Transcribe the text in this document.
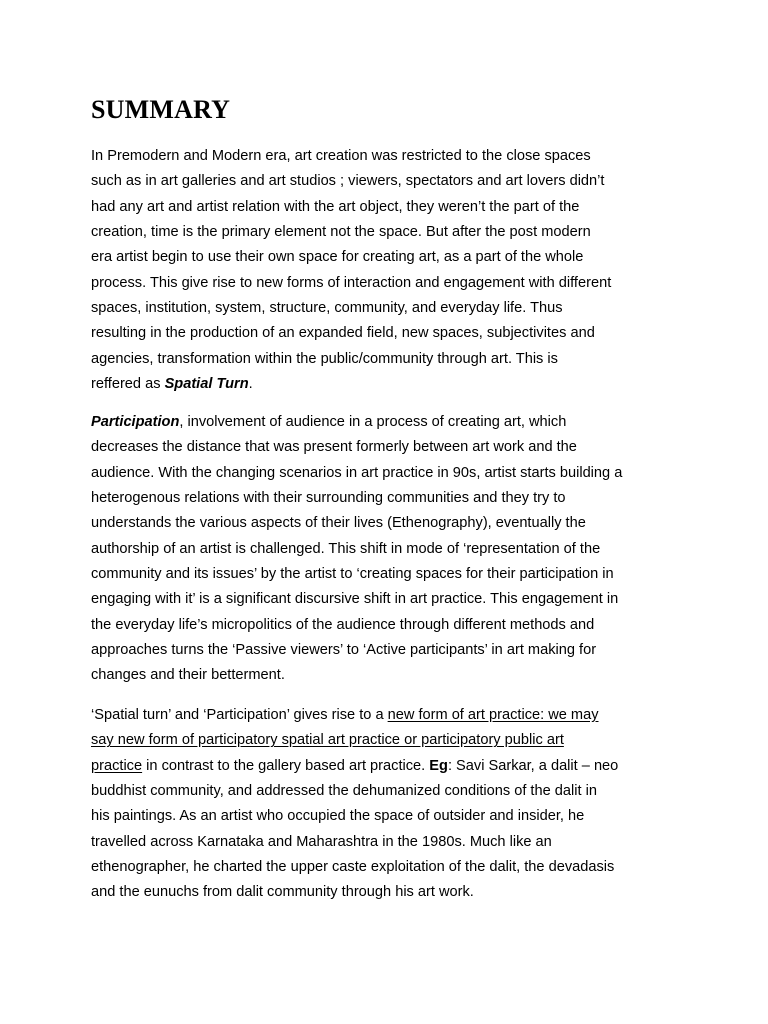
SUMMARY

In Premodern and Modern era, art creation was restricted to the close spaces
such as in art galleries and art studios ; viewers, spectators and art lovers didn’t
had any art and artist relation with the art object, they weren’t the part of the
creation, time is the primary element not the space. But after the post modern
era artist begin to use their own space for creating art, as a part of the whole
process. This give rise to new forms of interaction and engagement with different
spaces, institution, system, structure, community, and everyday life. Thus
resulting in the production of an expanded field, new spaces, subjectivites and
agencies, transformation within the public/community through art. This is
reffered as Spatial Turn.

Participation, involvement of audience in a process of creating art, which
decreases the distance that was present formerly between art work and the
audience. With the changing scenarios in art practice in 90s, artist starts building a
heterogenous relations with their surrounding communities and they try to
understands the various aspects of their lives (Ethenography), eventually the
authorship of an artist is challenged. This shift in mode of ‘representation of the
community and its issues’ by the artist to ‘creating spaces for their participation in
engaging with it’ is a significant discursive shift in art practice. This engagement in
the everyday life’s micropolitics of the audience through different methods and
approaches turns the ‘Passive viewers’ to ‘Active participants’ in art making for
changes and their betterment.

‘Spatial turn’ and ‘Participation’ gives rise to a new form of art practice: we may
say new form of participatory spatial art practice or participatory public art
practice in contrast to the gallery based art practice. Eg: Savi Sarkar, a dalit – neo
buddhist community, and addressed the dehumanized conditions of the dalit in
his paintings. As an artist who occupied the space of outsider and insider, he
travelled across Karnataka and Maharashtra in the 1980s. Much like an
ethenographer, he charted the upper caste exploitation of the dalit, the devadasis
and the eunuchs from dalit community through his art work.
